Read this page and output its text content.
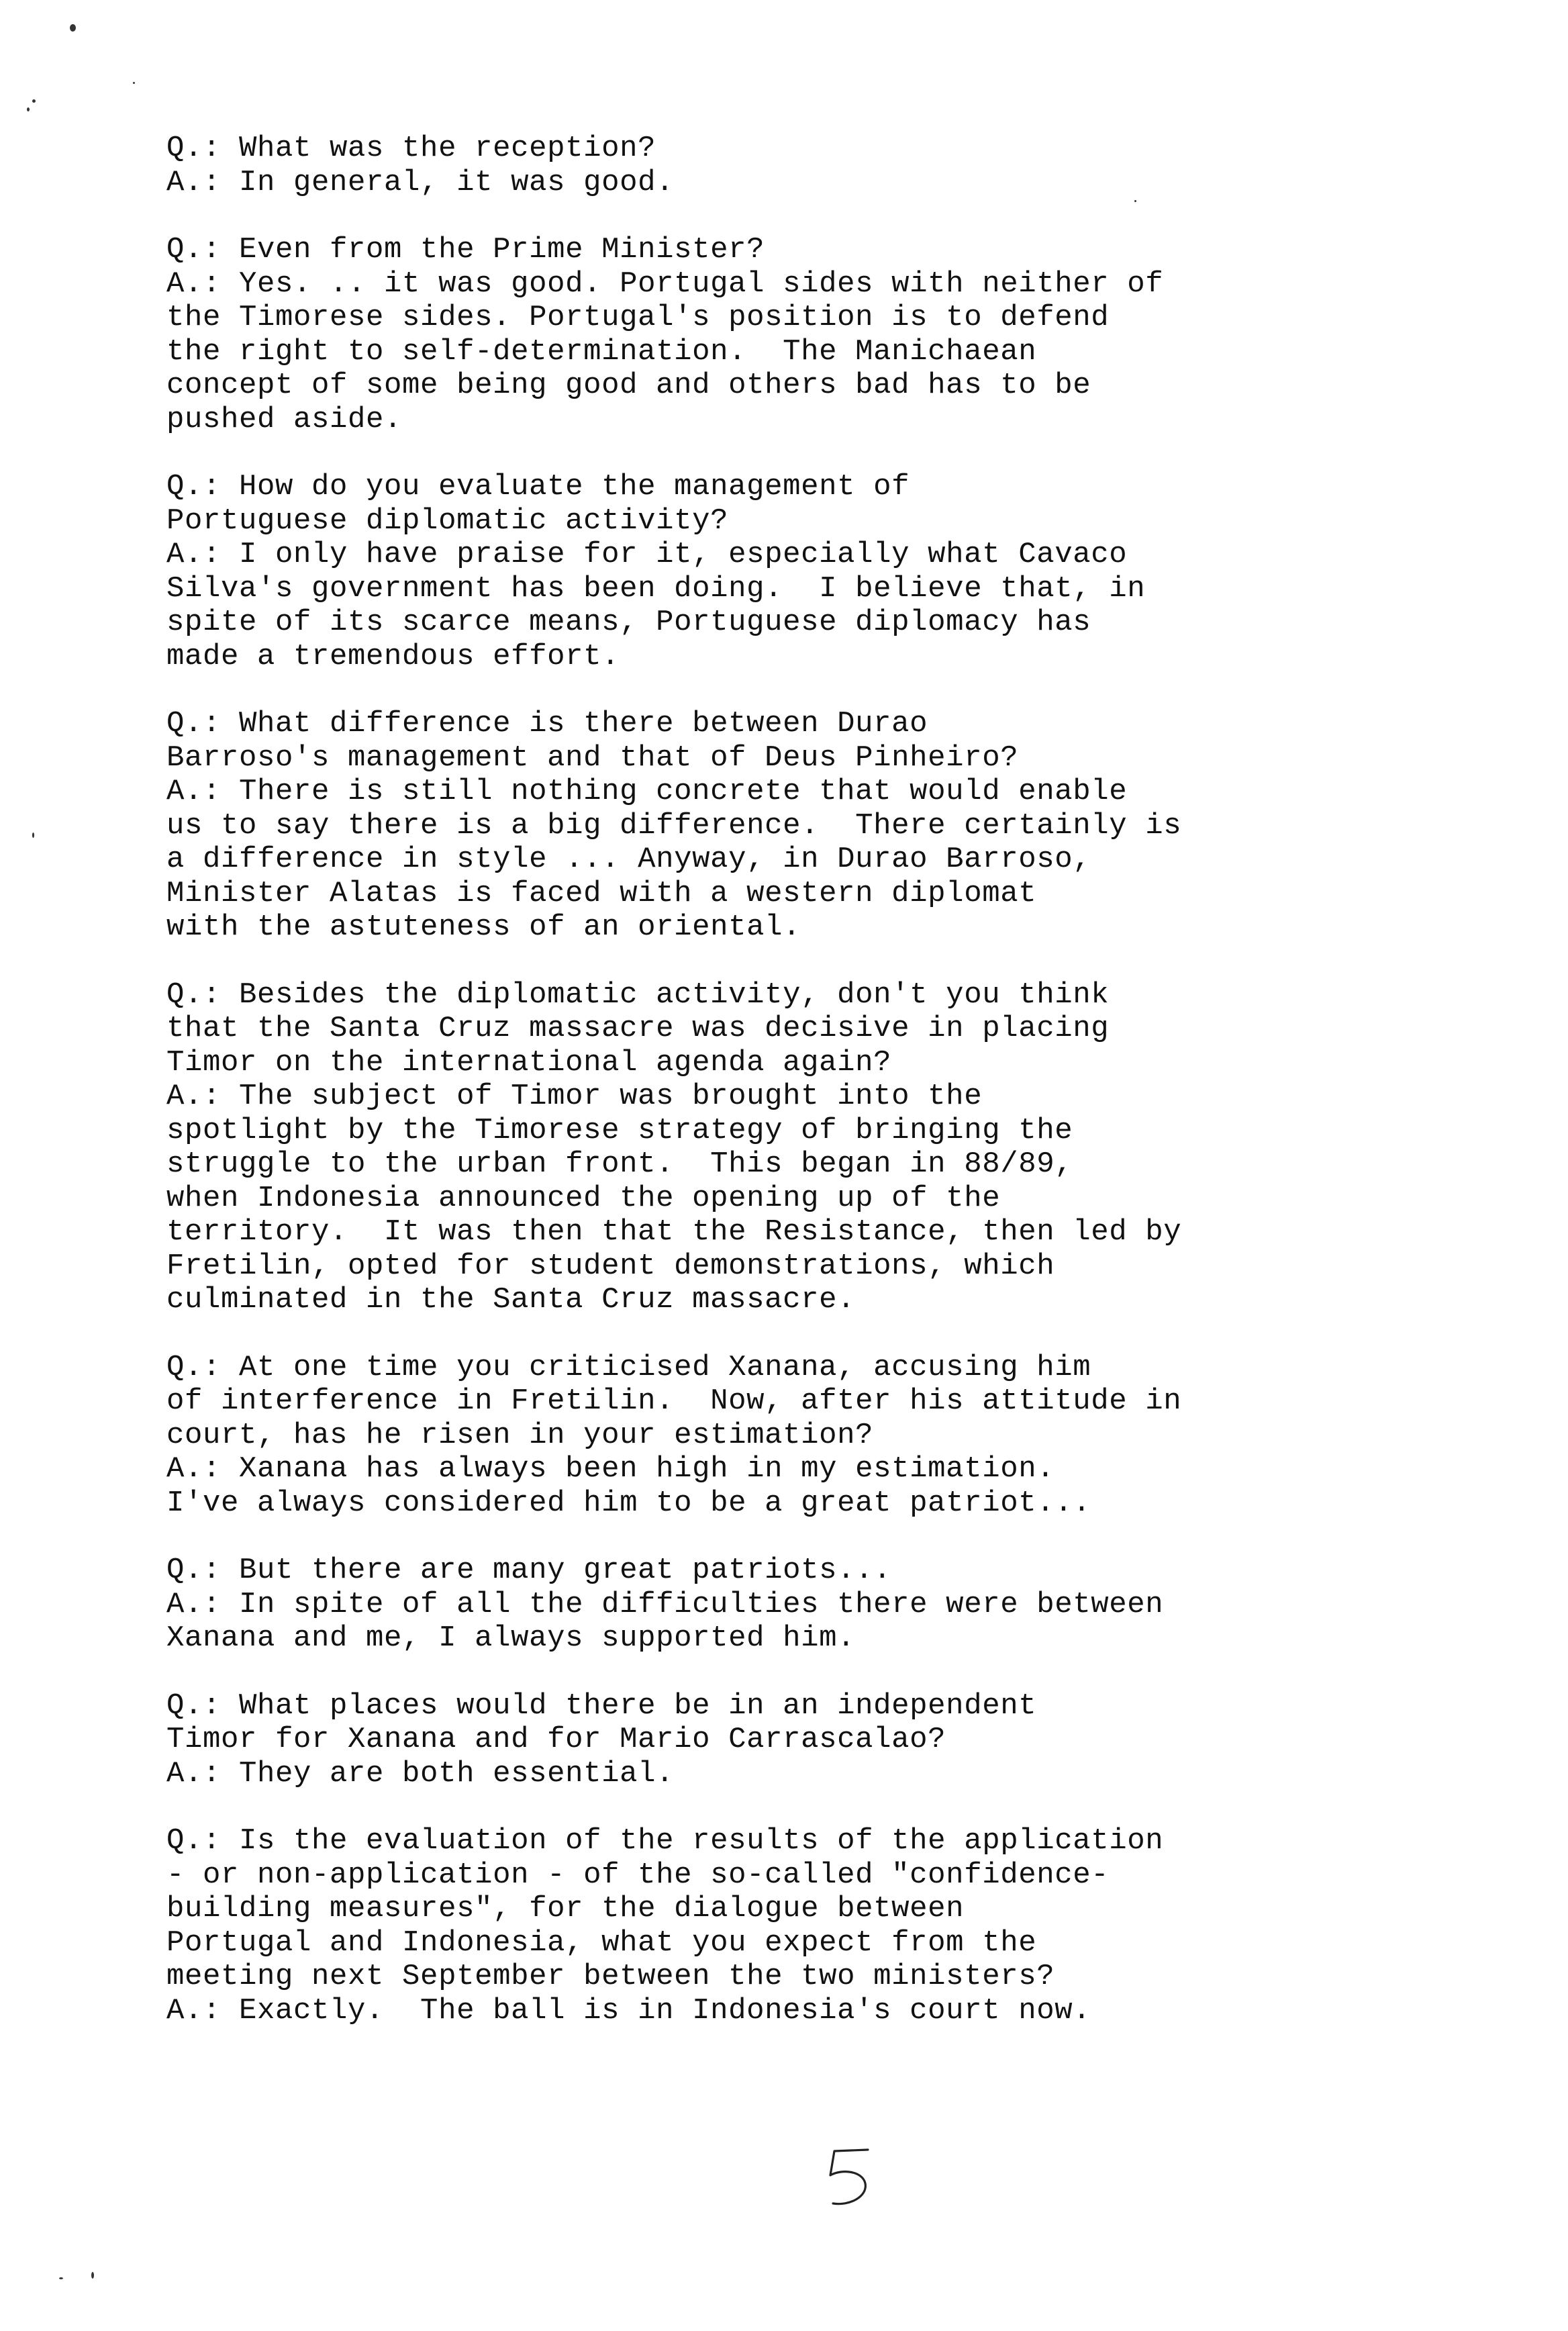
Q.: What was the reception?
A.: In general, it was good.
Q.: Even from the Prime Minister?
A.: Yes. .. it was good. Portugal sides with neither of
the Timorese sides. Portugal's position is to defend
the right to self-determination.  The Manichaean
concept of some being good and others bad has to be
pushed aside.
Q.: How do you evaluate the management of
Portuguese diplomatic activity?
A.: I only have praise for it, especially what Cavaco
Silva's government has been doing.  I believe that, in
spite of its scarce means, Portuguese diplomacy has
made a tremendous effort.
Q.: What difference is there between Durao
Barroso's management and that of Deus Pinheiro?
A.: There is still nothing concrete that would enable
us to say there is a big difference.  There certainly is
a difference in style ... Anyway, in Durao Barroso,
Minister Alatas is faced with a western diplomat
with the astuteness of an oriental.
Q.: Besides the diplomatic activity, don't you think
that the Santa Cruz massacre was decisive in placing
Timor on the international agenda again?
A.: The subject of Timor was brought into the
spotlight by the Timorese strategy of bringing the
struggle to the urban front.  This began in 88/89,
when Indonesia announced the opening up of the
territory.  It was then that the Resistance, then led by
Fretilin, opted for student demonstrations, which
culminated in the Santa Cruz massacre.
Q.: At one time you criticised Xanana, accusing him
of interference in Fretilin.  Now, after his attitude in
court, has he risen in your estimation?
A.: Xanana has always been high in my estimation.
I've always considered him to be a great patriot...
Q.: But there are many great patriots...
A.: In spite of all the difficulties there were between
Xanana and me, I always supported him.
Q.: What places would there be in an independent
Timor for Xanana and for Mario Carrascalao?
A.: They are both essential.
Q.: Is the evaluation of the results of the application
- or non-application - of the so-called "confidence-
building measures", for the dialogue between
Portugal and Indonesia, what you expect from the
meeting next September between the two ministers?
A.: Exactly.  The ball is in Indonesia's court now.
